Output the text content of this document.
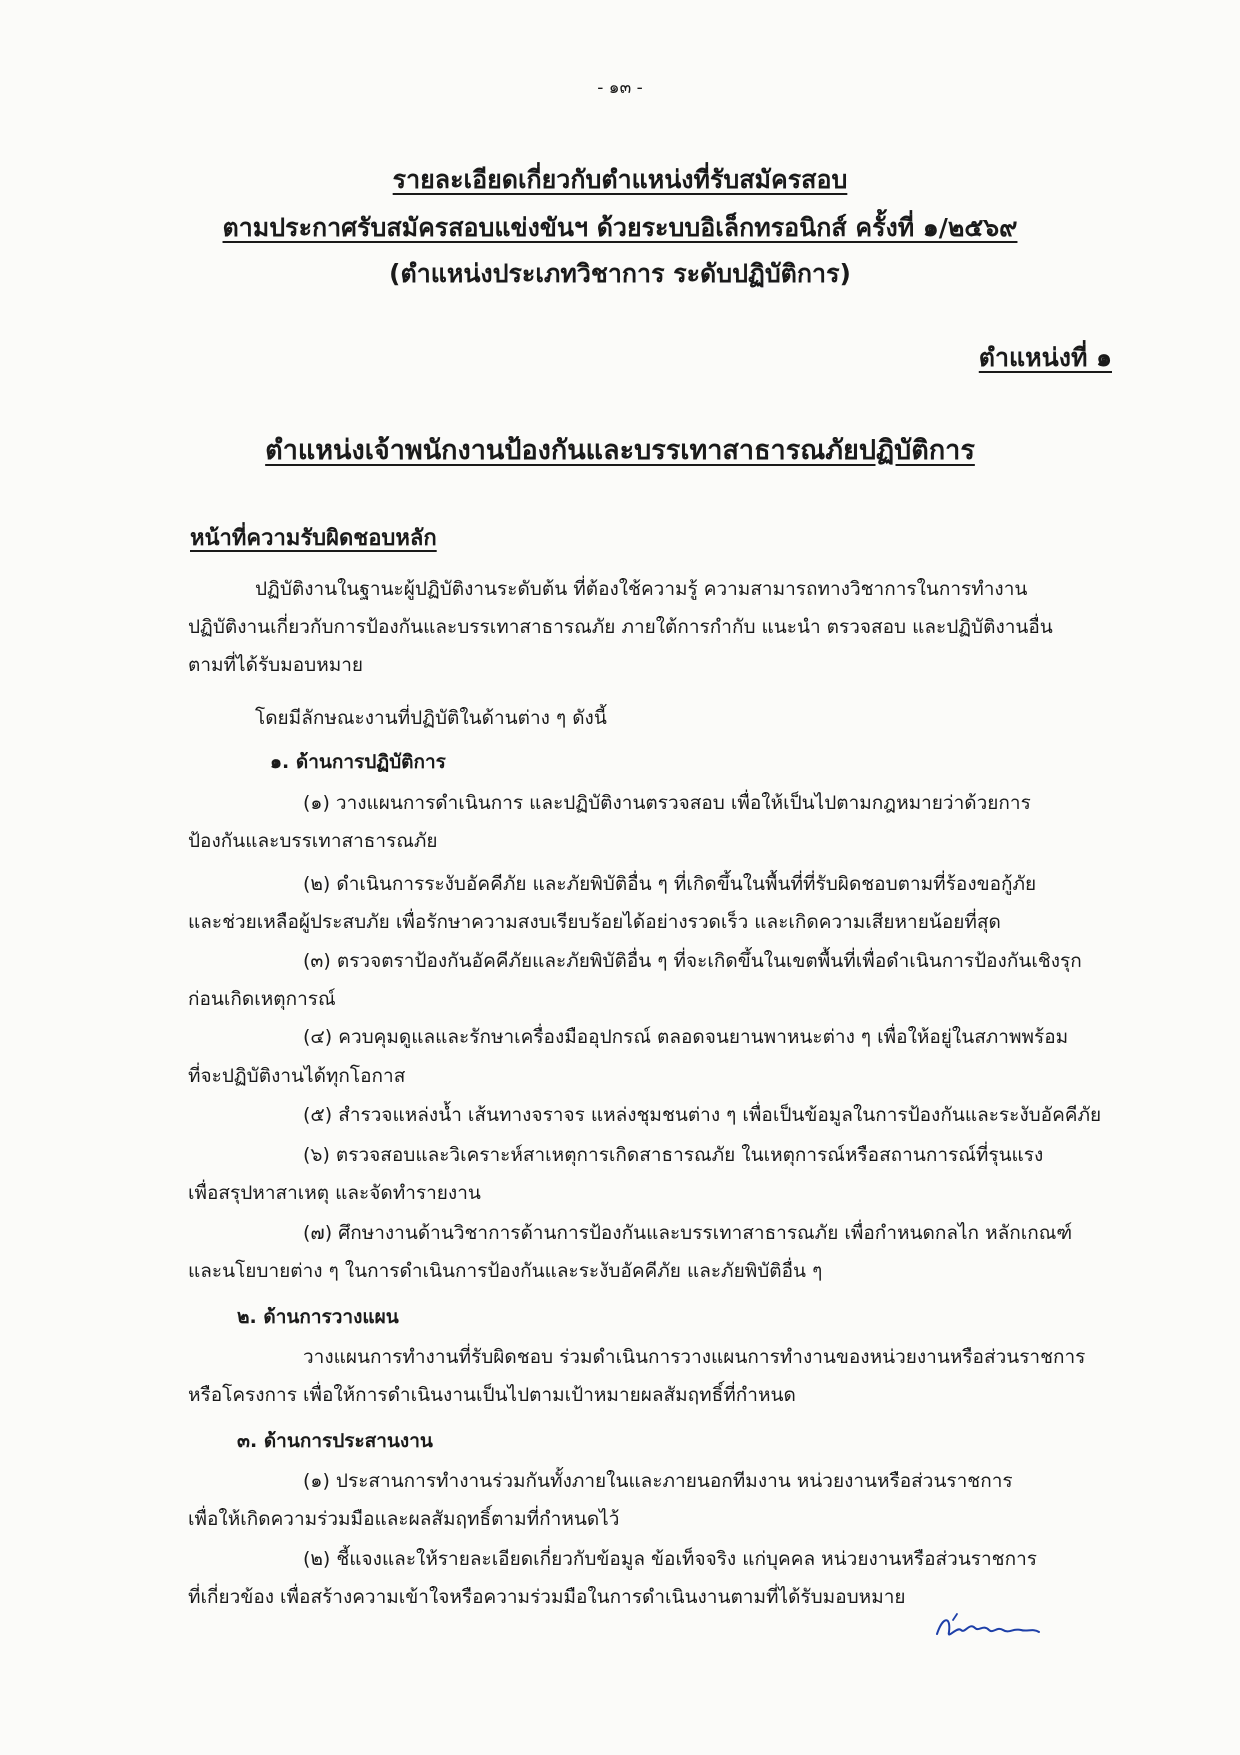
- ๑๓ -
รายละเอียดเกี่ยวกับตำแหน่งที่รับสมัครสอบ
ตามประกาศรับสมัครสอบแข่งขันฯ ด้วยระบบอิเล็กทรอนิกส์ ครั้งที่ ๑/๒๕๖๙
(ตำแหน่งประเภทวิชาการ ระดับปฏิบัติการ)
ตำแหน่งที่ ๑
ตำแหน่งเจ้าพนักงานป้องกันและบรรเทาสาธารณภัยปฏิบัติการ
หน้าที่ความรับผิดชอบหลัก
ปฏิบัติงานในฐานะผู้ปฏิบัติงานระดับต้น ที่ต้องใช้ความรู้ ความสามารถทางวิชาการในการทำงาน
ปฏิบัติงานเกี่ยวกับการป้องกันและบรรเทาสาธารณภัย ภายใต้การกำกับ แนะนำ ตรวจสอบ และปฏิบัติงานอื่น
ตามที่ได้รับมอบหมาย
โดยมีลักษณะงานที่ปฏิบัติในด้านต่าง ๆ ดังนี้
๑. ด้านการปฏิบัติการ
(๑) วางแผนการดำเนินการ และปฏิบัติงานตรวจสอบ เพื่อให้เป็นไปตามกฎหมายว่าด้วยการ
ป้องกันและบรรเทาสาธารณภัย
(๒) ดำเนินการระงับอัคคีภัย และภัยพิบัติอื่น ๆ ที่เกิดขึ้นในพื้นที่ที่รับผิดชอบตามที่ร้องขอกู้ภัย
และช่วยเหลือผู้ประสบภัย เพื่อรักษาความสงบเรียบร้อยได้อย่างรวดเร็ว และเกิดความเสียหายน้อยที่สุด
(๓) ตรวจตราป้องกันอัคคีภัยและภัยพิบัติอื่น ๆ ที่จะเกิดขึ้นในเขตพื้นที่เพื่อดำเนินการป้องกันเชิงรุก
ก่อนเกิดเหตุการณ์
(๔) ควบคุมดูแลและรักษาเครื่องมืออุปกรณ์ ตลอดจนยานพาหนะต่าง ๆ เพื่อให้อยู่ในสภาพพร้อม
ที่จะปฏิบัติงานได้ทุกโอกาส
(๕) สำรวจแหล่งน้ำ เส้นทางจราจร แหล่งชุมชนต่าง ๆ เพื่อเป็นข้อมูลในการป้องกันและระงับอัคคีภัย
(๖) ตรวจสอบและวิเคราะห์สาเหตุการเกิดสาธารณภัย ในเหตุการณ์หรือสถานการณ์ที่รุนแรง
เพื่อสรุปหาสาเหตุ และจัดทำรายงาน
(๗) ศึกษางานด้านวิชาการด้านการป้องกันและบรรเทาสาธารณภัย เพื่อกำหนดกลไก หลักเกณฑ์
และนโยบายต่าง ๆ ในการดำเนินการป้องกันและระงับอัคคีภัย และภัยพิบัติอื่น ๆ
๒. ด้านการวางแผน
วางแผนการทำงานที่รับผิดชอบ ร่วมดำเนินการวางแผนการทำงานของหน่วยงานหรือส่วนราชการ
หรือโครงการ เพื่อให้การดำเนินงานเป็นไปตามเป้าหมายผลสัมฤทธิ์ที่กำหนด
๓. ด้านการประสานงาน
(๑) ประสานการทำงานร่วมกันทั้งภายในและภายนอกทีมงาน หน่วยงานหรือส่วนราชการ
เพื่อให้เกิดความร่วมมือและผลสัมฤทธิ์ตามที่กำหนดไว้
(๒) ชี้แจงและให้รายละเอียดเกี่ยวกับข้อมูล ข้อเท็จจริง แก่บุคคล หน่วยงานหรือส่วนราชการ
ที่เกี่ยวข้อง เพื่อสร้างความเข้าใจหรือความร่วมมือในการดำเนินงานตามที่ได้รับมอบหมาย
